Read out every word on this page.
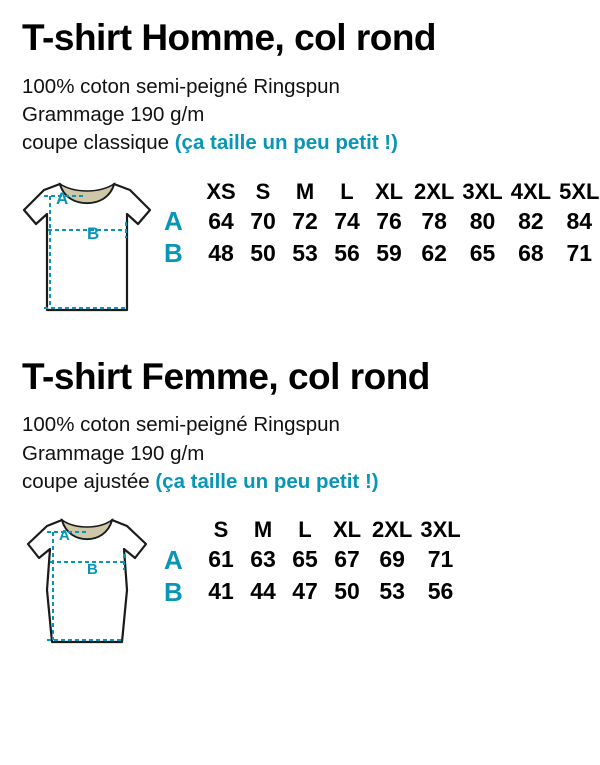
T-shirt Homme, col rond
100% coton semi-peigné Ringspun
Grammage 190 g/m
coupe classique (ça taille un peu petit !)
A
B
	XS	S	M	L	XL	2XL	3XL	4XL	5XL
A	64	70	72	74	76	78	80	82	84
B	48	50	53	56	59	62	65	68	71
T-shirt Femme, col rond
100% coton semi-peigné Ringspun
Grammage 190 g/m
coupe ajustée (ça taille un peu petit !)
A
B
	S	M	L	XL	2XL	3XL
A	61	63	65	67	69	71
B	41	44	47	50	53	56
